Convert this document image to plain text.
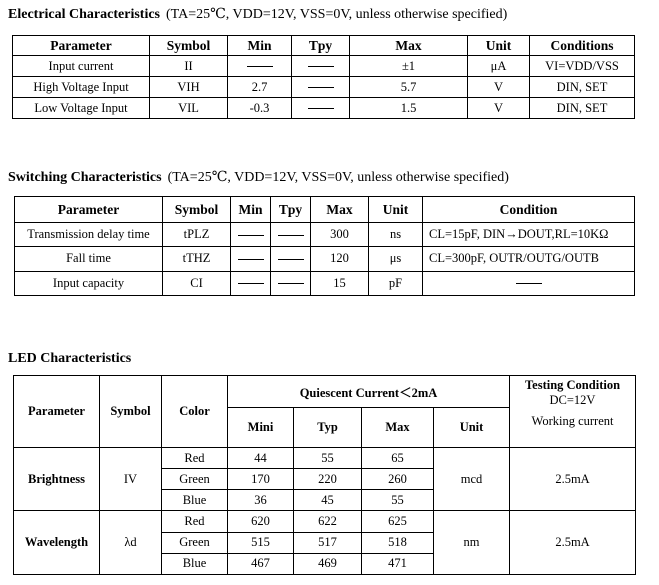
Electrical Characteristics (TA=25℃, VDD=12V, VSS=0V, unless otherwise specified)
Parameter	Symbol	Min	Tpy	Max	Unit	Conditions
Input current	II			±1	μA	VI=VDD/VSS
High Voltage Input	VIH	2.7		5.7	V	DIN, SET
Low Voltage Input	VIL	-0.3		1.5	V	DIN, SET
Switching Characteristics (TA=25℃, VDD=12V, VSS=0V, unless otherwise specified)
Parameter	Symbol	Min	Tpy	Max	Unit	Condition
Transmission delay time	tPLZ			300	ns	CL=15pF, DIN→DOUT,RL=10KΩ
Fall time	tTHZ			120	μs	CL=300pF, OUTR/OUTG/OUTB
Input capacity	CI			15	pF	
LED Characteristics
Parameter	Symbol	Color	Quiescent Current＜2mA				Testing Condition
DC=12V
Working current

			Mini	Typ	Max	Unit	
Brightness	IV	Red	44	55	65	mcd	2.5mA
		Green	170	220	260		
		Blue	36	45	55		
Wavelength	λd	Red	620	622	625	nm	2.5mA
		Green	515	517	518		
		Blue	467	469	471		
